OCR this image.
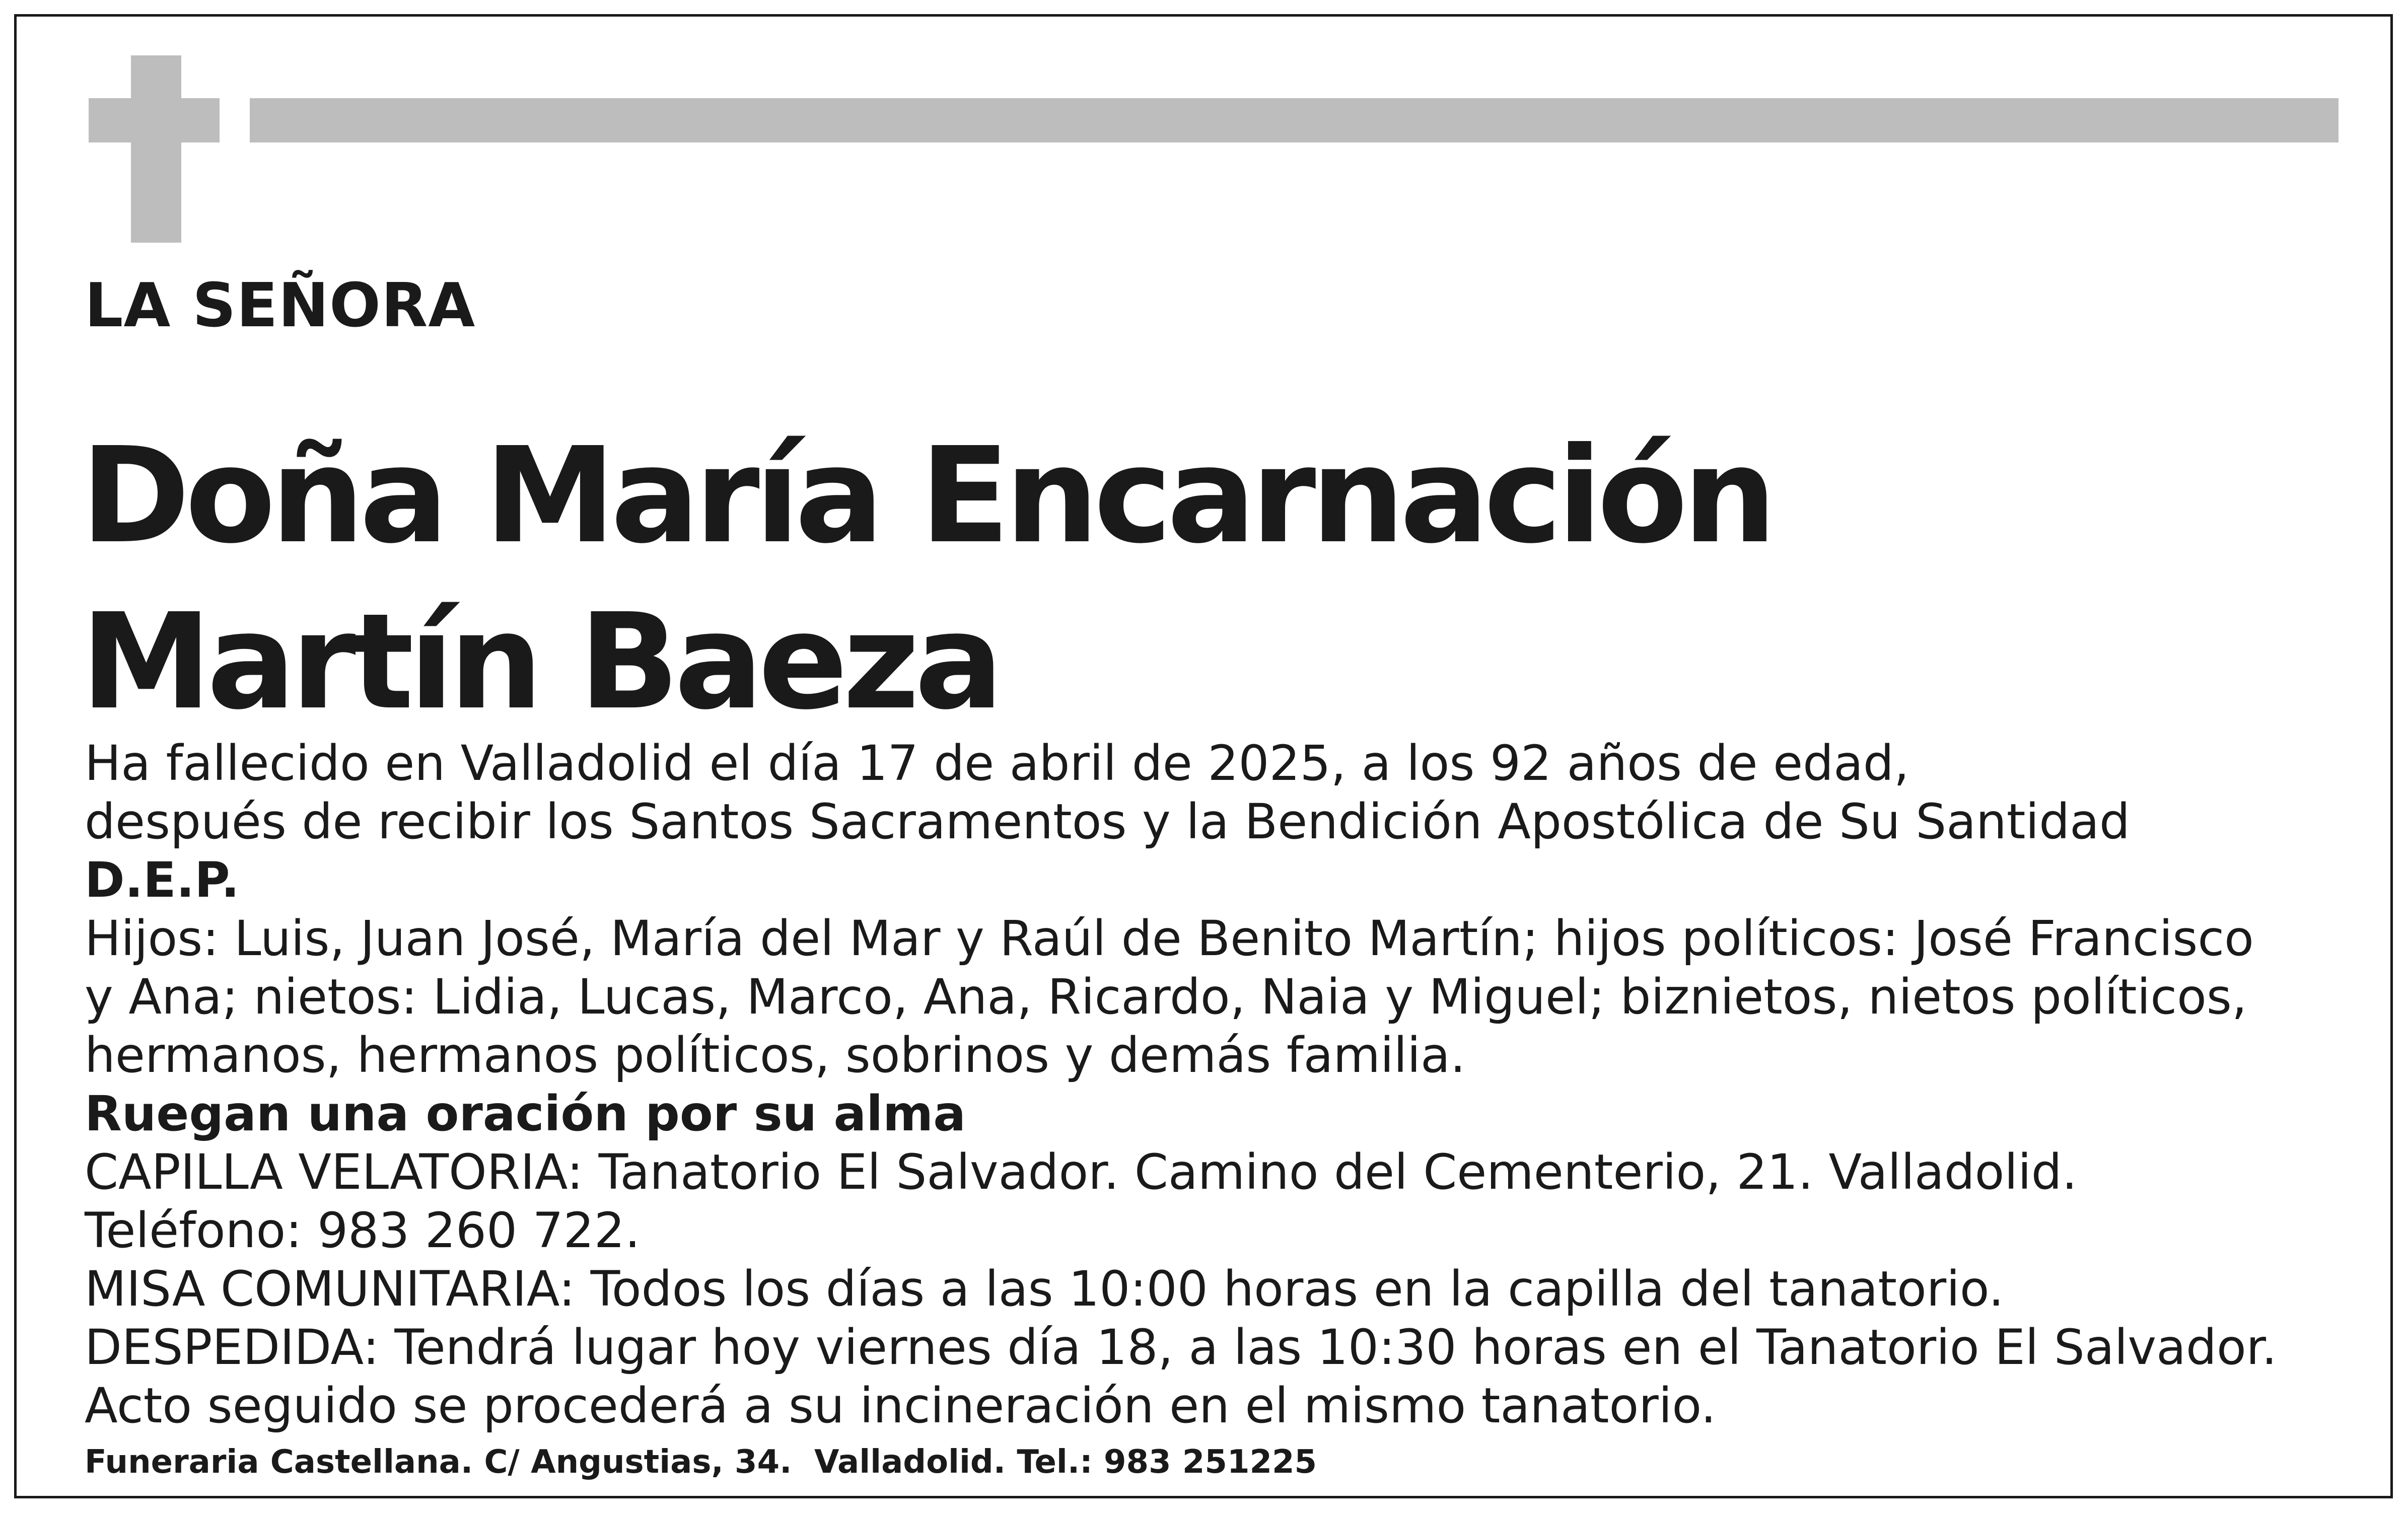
LA SEÑORA
Doña María Encarnación
Martín Baeza
Ha fallecido en Valladolid el día 17 de abril de 2025, a los 92 años de edad,
después de recibir los Santos Sacramentos y la Bendición Apostólica de Su Santidad
D.E.P.
Hijos: Luis, Juan José, María del Mar y Raúl de Benito Martín; hijos políticos: José Francisco
y Ana; nietos: Lidia, Lucas, Marco, Ana, Ricardo, Naia y Miguel; biznietos, nietos políticos,
hermanos, hermanos políticos, sobrinos y demás familia.
Ruegan una oración por su alma
CAPILLA VELATORIA: Tanatorio El Salvador. Camino del Cementerio, 21. Valladolid.
Teléfono: 983 260 722.
MISA COMUNITARIA: Todos los días a las 10:00 horas en la capilla del tanatorio.
DESPEDIDA: Tendrá lugar hoy viernes día 18, a las 10:30 horas en el Tanatorio El Salvador.
Acto seguido se procederá a su incineración en el mismo tanatorio.
Funeraria Castellana. C/ Angustias, 34.  Valladolid. Tel.: 983 251225
